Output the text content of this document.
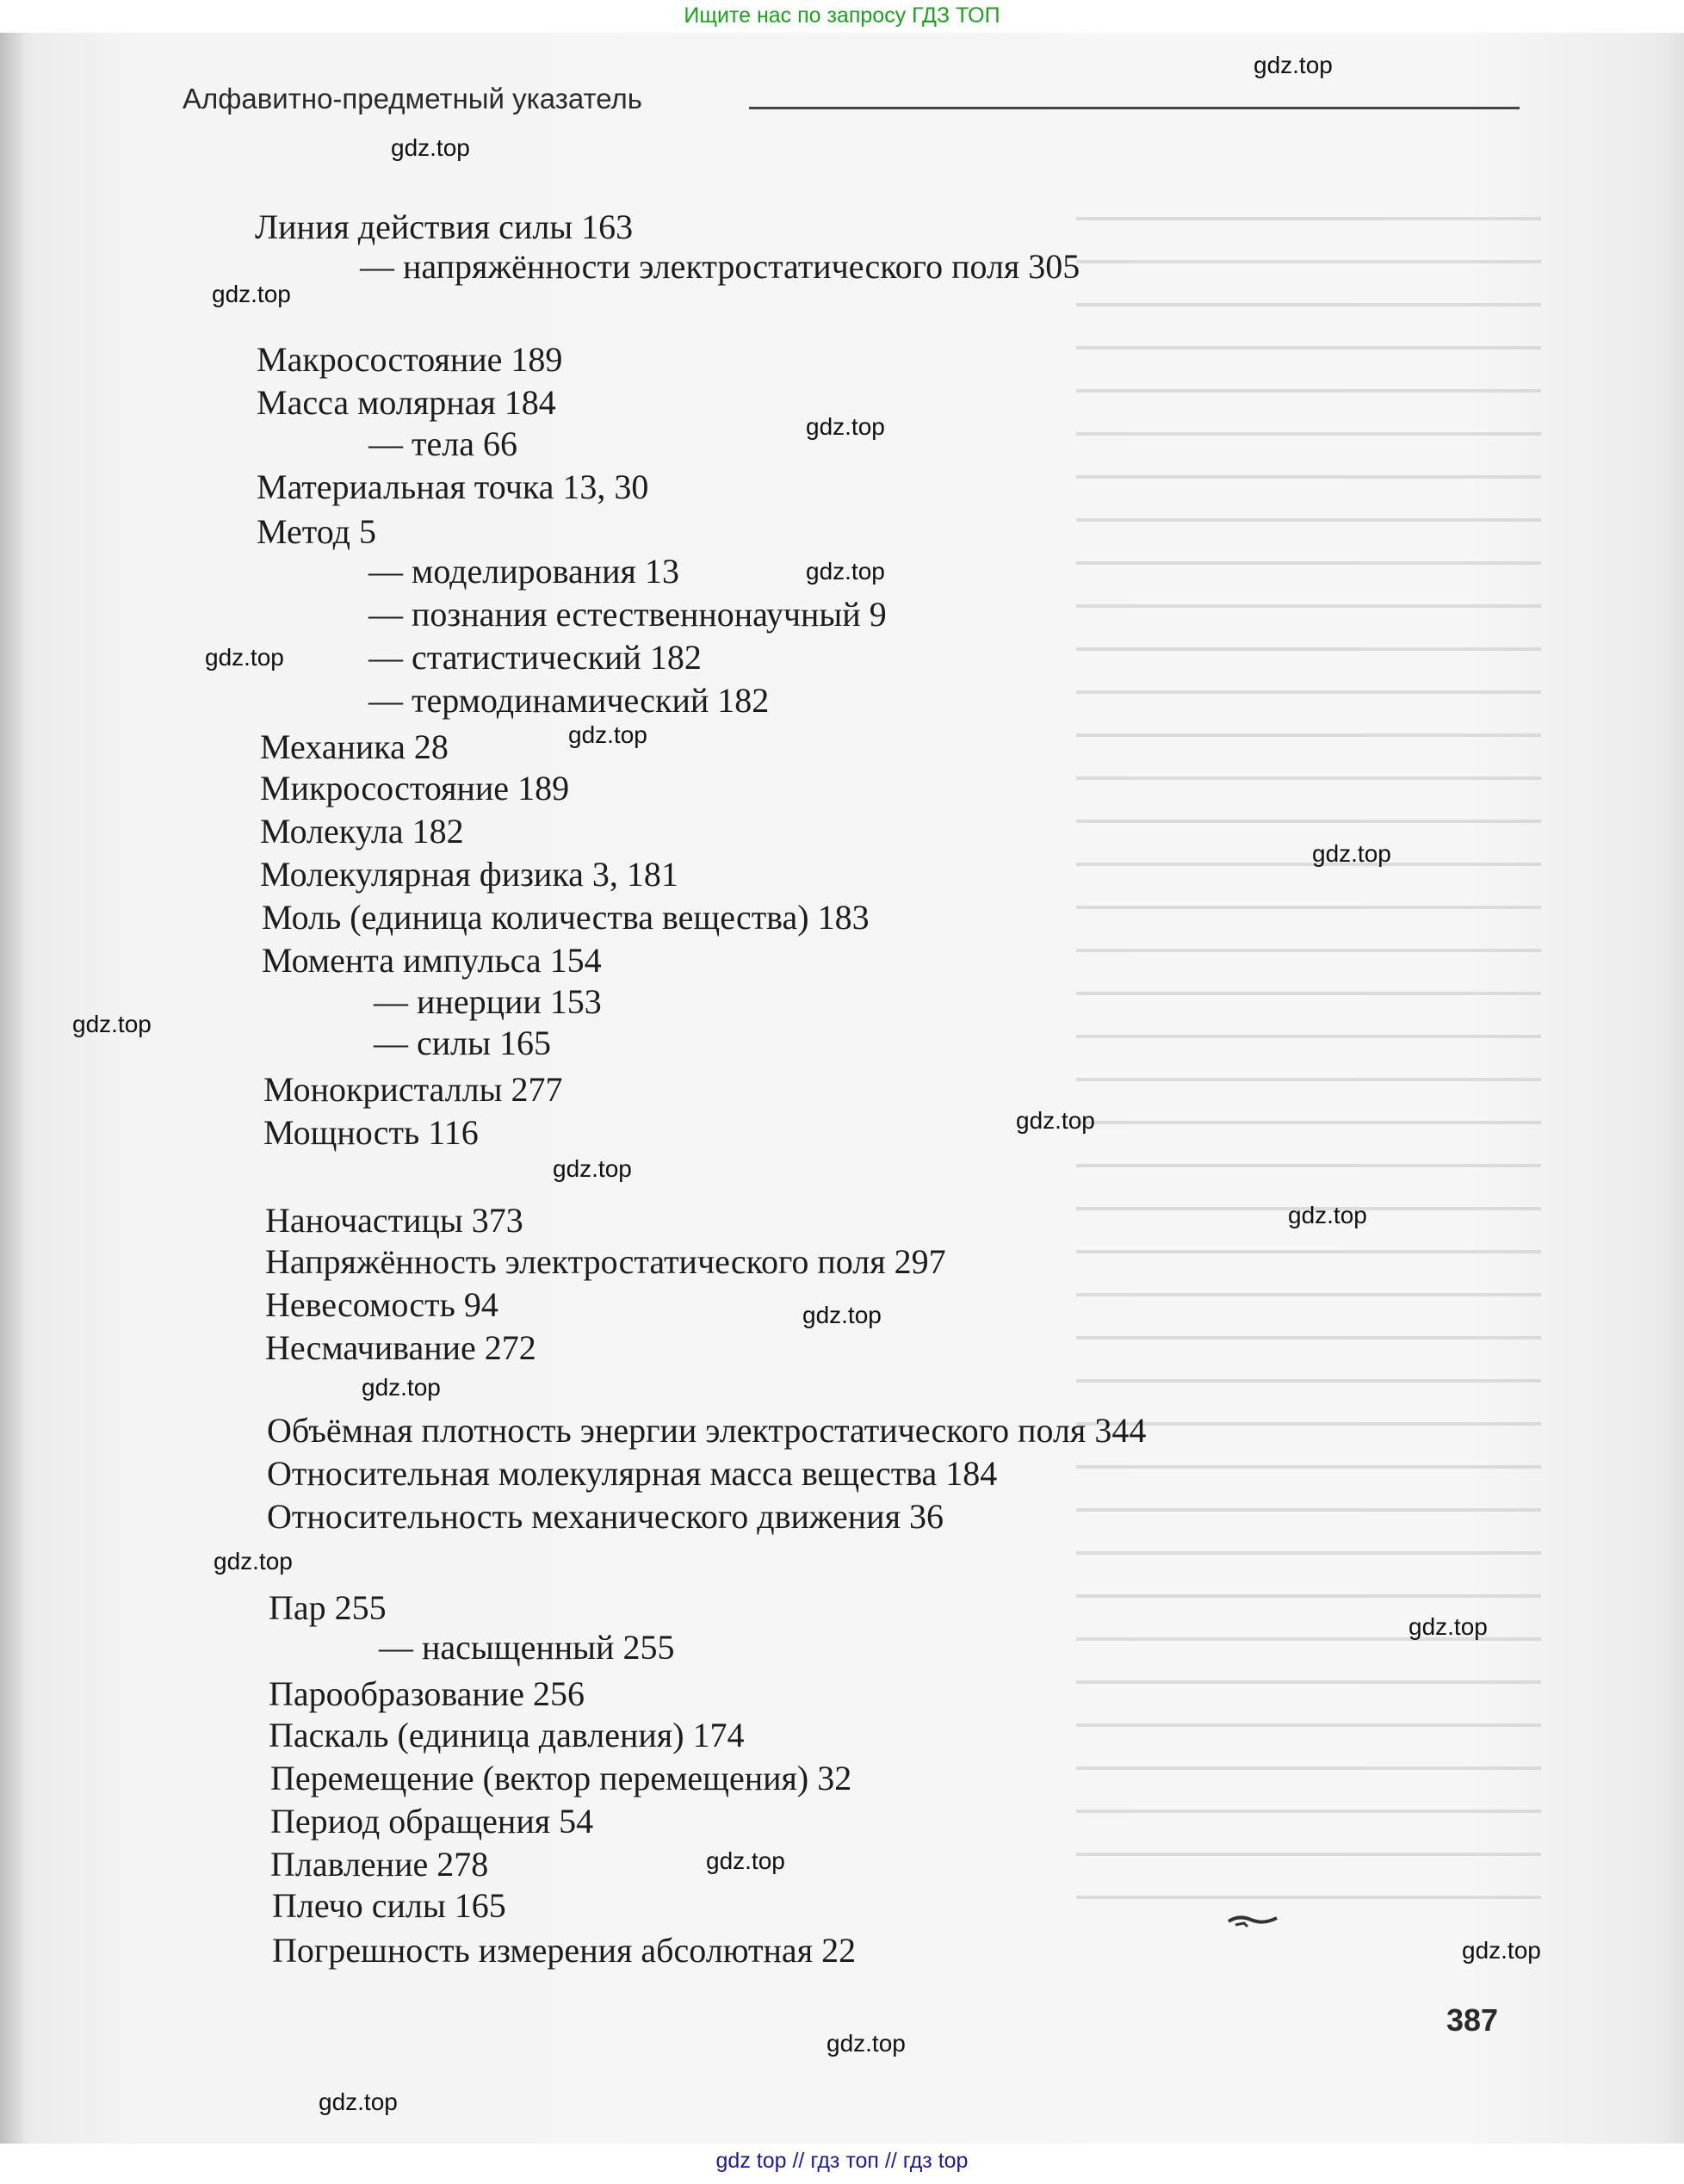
Ищите нас по запросу ГДЗ ТОП
Алфавитно-предметный указатель
Линия действия силы 163
— напряжённости электростатического поля 305
Макросостояние 189
Масса молярная 184
— тела 66
Материальная точка 13, 30
Метод 5
— моделирования 13
— познания естественнонаучный 9
— статистический 182
— термодинамический 182
Механика 28
Микросостояние 189
Молекула 182
Молекулярная физика 3, 181
Моль (единица количества вещества) 183
Момента импульса 154
— инерции 153
— силы 165
Монокристаллы 277
Мощность 116
Наночастицы 373
Напряжённость электростатического поля 297
Невесомость 94
Несмачивание 272
Объёмная плотность энергии электростатического поля 344
Относительная молекулярная масса вещества 184
Относительность механического движения 36
Пар 255
— насыщенный 255
Парообразование 256
Паскаль (единица давления) 174
Перемещение (вектор перемещения) 32
Период обращения 54
Плавление 278
Плечо силы 165
Погрешность измерения абсолютная 22
387
gdz.top
gdz.top
gdz.top
gdz.top
gdz.top
gdz.top
gdz.top
gdz.top
gdz.top
gdz.top
gdz.top
gdz.top
gdz.top
gdz.top
gdz.top
gdz.top
gdz.top
gdz.top
gdz.top
gdz.top
gdz top // гдз топ // гдз top
